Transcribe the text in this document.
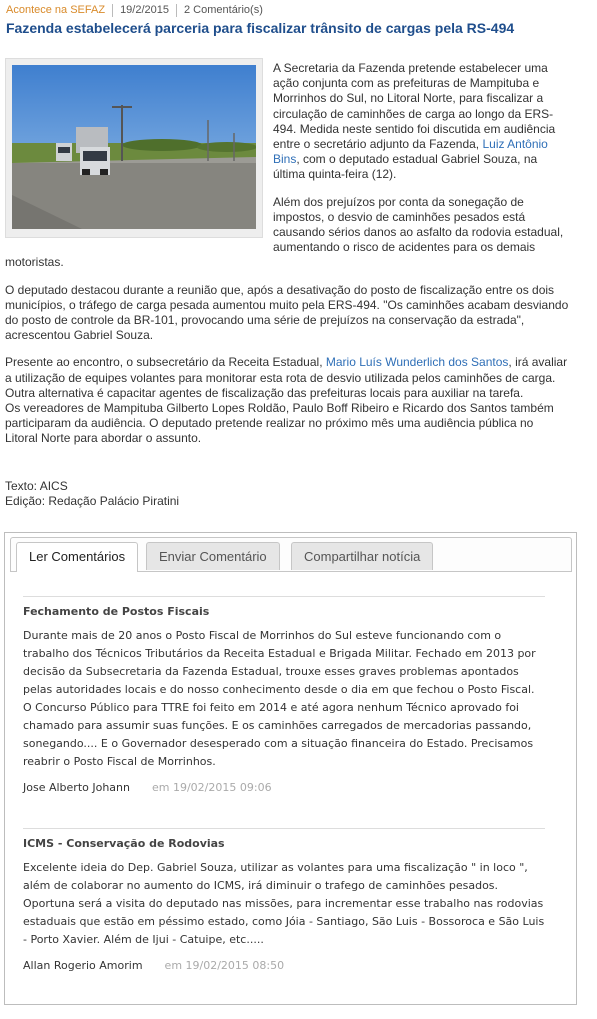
Acontece na SEFAZ	19/2/2015	2 Comentário(s)
Fazenda estabelecerá parceria para fiscalizar trânsito de cargas pela RS-494

A Secretaria da Fazenda pretende estabelecer uma ação conjunta com as prefeituras de Mampituba e Morrinhos do Sul, no Litoral Norte, para fiscalizar a circulação de caminhões de carga ao longo da ERS-494. Medida neste sentido foi discutida em audiência entre o secretário adjunto da Fazenda, Luiz Antônio Bins, com o deputado estadual Gabriel Souza, na última quinta-feira (12).

Além dos prejuízos por conta da sonegação de impostos, o desvio de caminhões pesados está causando sérios danos ao asfalto da rodovia estadual, aumentando o risco de acidentes para os demais motoristas.

O deputado destacou durante a reunião que, após a desativação do posto de fiscalização entre os dois municípios, o tráfego de carga pesada aumentou muito pela ERS-494. "Os caminhões acabam desviando do posto de controle da BR-101, provocando uma série de prejuízos na conservação da estrada", acrescentou Gabriel Souza.

Presente ao encontro, o subsecretário da Receita Estadual, Mario Luís Wunderlich dos Santos, irá avaliar a utilização de equipes volantes para monitorar esta rota de desvio utilizada pelos caminhões de carga. Outra alternativa é capacitar agentes de fiscalização das prefeituras locais para auxiliar na tarefa.

Os vereadores de Mampituba Gilberto Lopes Roldão, Paulo Boff Ribeiro e Ricardo dos Santos também participaram da audiência. O deputado pretende realizar no próximo mês uma audiência pública no Litoral Norte para abordar o assunto.

Texto: AICS
Edição: Redação Palácio Piratini
Ler Comentários	Enviar Comentário	Compartilhar notícia
Fechamento de Postos Fiscais
Durante mais de 20 anos o Posto Fiscal de Morrinhos do Sul esteve funcionando com o trabalho dos Técnicos Tributários da Receita Estadual e Brigada Militar. Fechado em 2013 por decisão da Subsecretaria da Fazenda Estadual, trouxe esses graves problemas apontados pelas autoridades locais e do nosso conhecimento desde o dia em que fechou o Posto Fiscal. O Concurso Público para TTRE foi feito em 2014 e até agora nenhum Técnico aprovado foi chamado para assumir suas funções. E os caminhões carregados de mercadorias passando, sonegando.... E o Governador desesperado com a situação financeira do Estado. Precisamos reabrir o Posto Fiscal de Morrinhos.
Jose Alberto Johann em 19/02/2015 09:06
ICMS - Conservação de Rodovias
Excelente ideia do Dep. Gabriel Souza, utilizar as volantes para uma fiscalização " in loco ", além de colaborar no aumento do ICMS, irá diminuir o trafego de caminhões pesados. Oportuna será a visita do deputado nas missões, para incrementar esse trabalho nas rodovias estaduais que estão em péssimo estado, como Jóia - Santiago, São Luis - Bossoroca e São Luis - Porto Xavier. Além de Ijui - Catuipe, etc.....
Allan Rogerio Amorim em 19/02/2015 08:50
